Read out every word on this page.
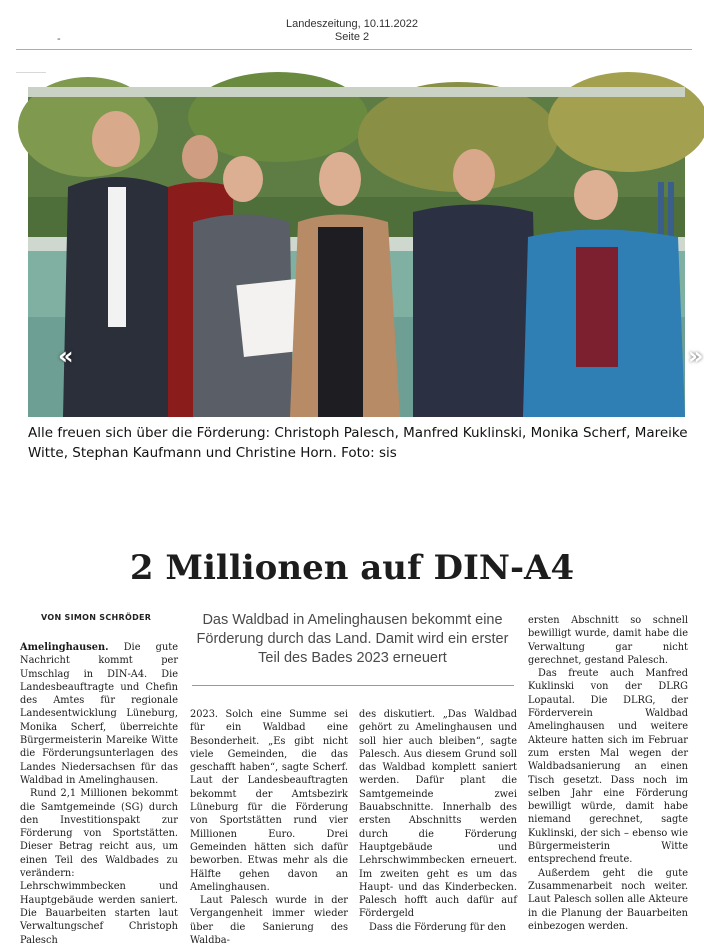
Landeszeitung, 10.11.2022
Seite 2
-
«	»
Alle freuen sich über die Förderung: Christoph Palesch, Manfred Kuklinski, Monika Scherf, Mareike Witte, Stephan Kaufmann und Christine Horn. Foto: sis
2 Millionen auf DIN-A4
VON SIMON SCHRÖDER	Das Waldbad in Amelinghausen bekommt eine Förderung durch das Land. Damit wird ein erster Teil des Bades 2023 erneuert

Amelinghausen. Die gute Nachricht kommt per Umschlag in DIN-A4. Die Landesbeauftragte und Chefin des Amtes für regionale Landesentwicklung Lüneburg, Monika Scherf, überreichte Bürgermeisterin Mareike Witte die Förderungsunterlagen des Landes Niedersachsen für das Waldbad in Amelinghausen.

Rund 2,1 Millionen bekommt die Samtgemeinde (SG) durch den Investitionspakt zur Förderung von Sportstätten. Dieser Betrag reicht aus, um einen Teil des Waldbades zu verändern: Lehrschwimmbecken und Hauptgebäude werden saniert. Die Bauarbeiten starten laut Verwaltungschef Christoph Palesch

2023. Solch eine Summe sei für ein Waldbad eine Besonderheit. „Es gibt nicht viele Gemeinden, die das geschafft haben“, sagte Scherf. Laut der Landesbeauftragten bekommt der Amtsbezirk Lüneburg für die Förderung von Sportstätten rund vier Millionen Euro. Drei Gemeinden hätten sich dafür beworben. Etwas mehr als die Hälfte gehen davon an Amelinghausen.

Laut Palesch wurde in der Vergangenheit immer wieder über die Sanierung des Waldba-

des diskutiert. „Das Waldbad gehört zu Amelinghausen und soll hier auch bleiben“, sagte Palesch. Aus diesem Grund soll das Waldbad komplett saniert werden. Dafür plant die Samtgemeinde zwei Bauabschnitte. Innerhalb des ersten Abschnitts werden durch die Förderung Hauptgebäude und Lehrschwimmbecken erneuert. Im zweiten geht es um das Haupt- und das Kinderbecken. Palesch hofft auch dafür auf Fördergeld

Dass die Förderung für den

ersten Abschnitt so schnell bewilligt wurde, damit habe die Verwaltung gar nicht gerechnet, gestand Palesch.

Das freute auch Manfred Kuklinski von der DLRG Lopautal. Die DLRG, der Förderverein Waldbad Amelinghausen und weitere Akteure hatten sich im Februar zum ersten Mal wegen der Waldbadsanierung an einen Tisch gesetzt. Dass noch im selben Jahr eine Förderung bewilligt würde, damit habe niemand gerechnet, sagte Kuklinski, der sich – ebenso wie Bürgermeisterin Witte entsprechend freute.

Außerdem geht die gute Zusammenarbeit noch weiter. Laut Palesch sollen alle Akteure in die Planung der Bauarbeiten einbezogen werden.
